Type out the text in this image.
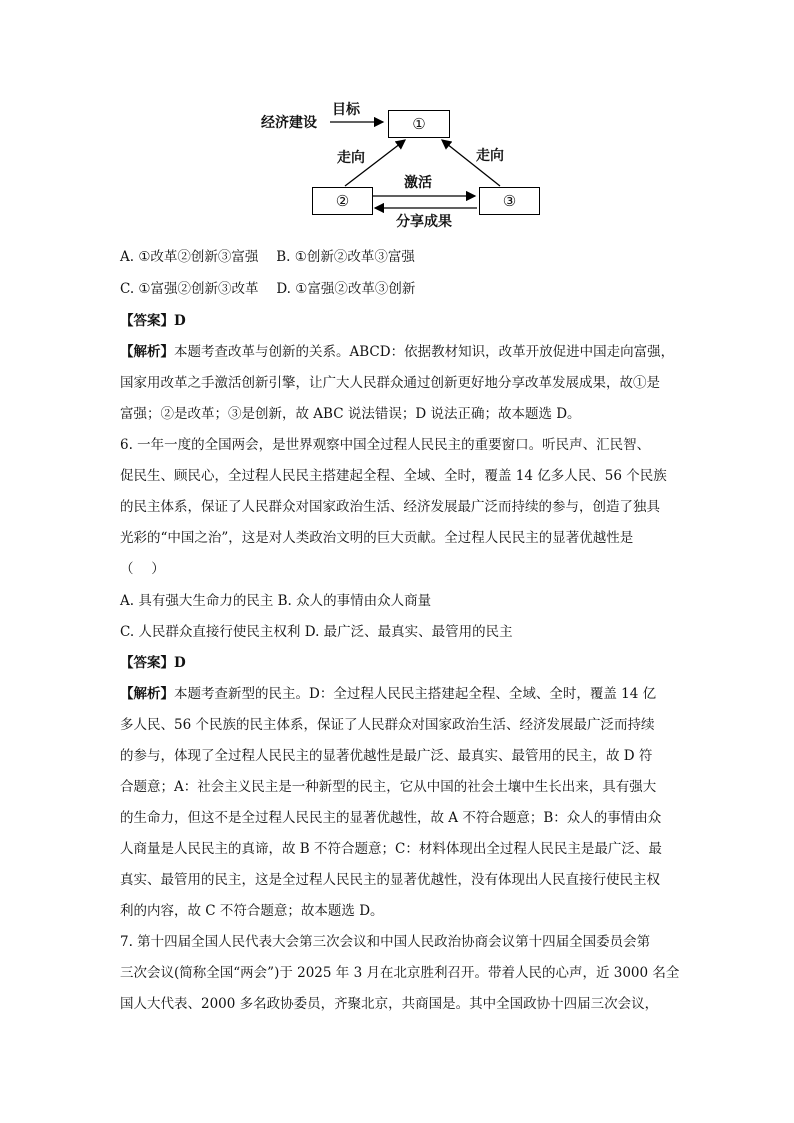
①
②	③
经济建设
目标
走向	走向
激活
分享成果
A. ①改革②创新③富强　 B. ①创新②改革③富强
C. ①富强②创新③改革　 D. ①富强②改革③创新
【答案】D
【解析】本题考查改革与创新的关系。ABCD：依据教材知识，改革开放促进中国走向富强，
国家用改革之手激活创新引擎，让广大人民群众通过创新更好地分享改革发展成果，故①是
富强；②是改革；③是创新，故 ABC 说法错误；D 说法正确；故本题选 D。
6. 一年一度的全国两会，是世界观察中国全过程人民民主的重要窗口。听民声、汇民智、
促民生、顾民心，全过程人民民主搭建起全程、全域、全时，覆盖 14 亿多人民、56 个民族
的民主体系，保证了人民群众对国家政治生活、经济发展最广泛而持续的参与，创造了独具
光彩的“中国之治”，这是对人类政治文明的巨大贡献。全过程人民民主的显著优越性是
（　 ）
A. 具有强大生命力的民主 B. 众人的事情由众人商量
C. 人民群众直接行使民主权利 D. 最广泛、最真实、最管用的民主
【答案】D
【解析】本题考查新型的民主。D：全过程人民民主搭建起全程、全域、全时，覆盖 14 亿
多人民、56 个民族的民主体系，保证了人民群众对国家政治生活、经济发展最广泛而持续
的参与，体现了全过程人民民主的显著优越性是最广泛、最真实、最管用的民主，故 D 符
合题意；A：社会主义民主是一种新型的民主，它从中国的社会土壤中生长出来，具有强大
的生命力，但这不是全过程人民民主的显著优越性，故 A 不符合题意；B：众人的事情由众
人商量是人民民主的真谛，故 B 不符合题意；C：材料体现出全过程人民民主是最广泛、最
真实、最管用的民主，这是全过程人民民主的显著优越性，没有体现出人民直接行使民主权
利的内容，故 C 不符合题意；故本题选 D。
7. 第十四届全国人民代表大会第三次会议和中国人民政治协商会议第十四届全国委员会第
三次会议(简称全国“两会”)于 2025 年 3 月在北京胜利召开。带着人民的心声，近 3000 名全
国人大代表、2000 多名政协委员，齐聚北京，共商国是。其中全国政协十四届三次会议，
